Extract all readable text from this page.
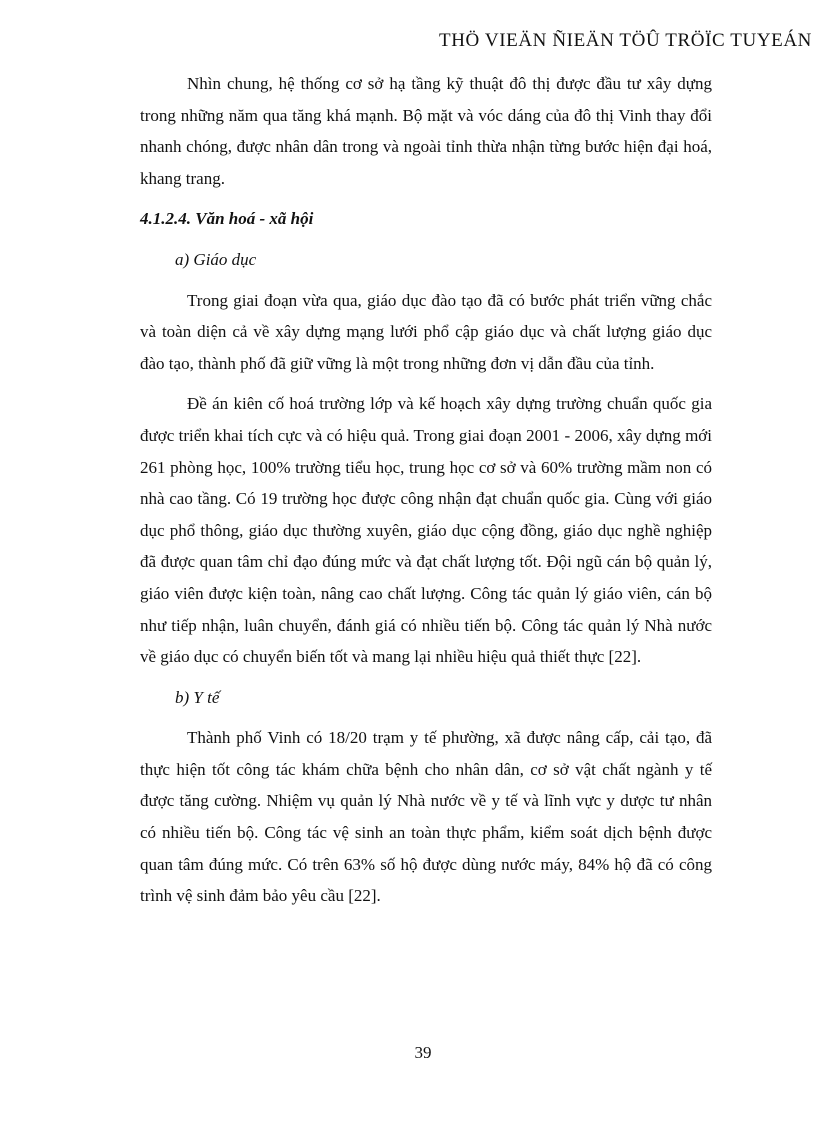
THÖ VIEÄN ÑIEÄN TÖÛ TRÖÏC TUYEÁN

Nhìn chung, hệ thống cơ sở hạ tầng kỹ thuật đô thị được đầu tư xây dựng trong những năm qua tăng khá mạnh. Bộ mặt và vóc dáng của đô thị Vinh thay đổi nhanh chóng, được nhân dân trong và ngoài tỉnh thừa nhận từng bước hiện đại hoá, khang trang.

4.1.2.4. Văn hoá - xã hội

a) Giáo dục

Trong giai đoạn vừa qua, giáo dục đào tạo đã có bước phát triển vững chắc và toàn diện cả về xây dựng mạng lưới phổ cập giáo dục và chất lượng giáo dục đào tạo, thành phố đã giữ vững là một trong những đơn vị dẫn đầu của tỉnh.

Đề án kiên cố hoá trường lớp và kế hoạch xây dựng trường chuẩn quốc gia được triển khai tích cực và có hiệu quả. Trong giai đoạn 2001 - 2006, xây dựng mới 261 phòng học, 100% trường tiểu học, trung học cơ sở và 60% trường mầm non có nhà cao tầng. Có 19 trường học được công nhận đạt chuẩn quốc gia. Cùng với giáo dục phổ thông, giáo dục thường xuyên, giáo dục cộng đồng, giáo dục nghề nghiệp đã được quan tâm chỉ đạo đúng mức và đạt chất lượng tốt. Đội ngũ cán bộ quản lý, giáo viên được kiện toàn, nâng cao chất lượng. Công tác quản lý giáo viên, cán bộ như tiếp nhận, luân chuyển, đánh giá có nhiều tiến bộ. Công tác quản lý Nhà nước về giáo dục có chuyển biến tốt và mang lại nhiều hiệu quả thiết thực [22].

b) Y tế

Thành phố Vinh có 18/20 trạm y tế phường, xã được nâng cấp, cải tạo, đã thực hiện tốt công tác khám chữa bệnh cho nhân dân, cơ sở vật chất ngành y tế được tăng cường. Nhiệm vụ quản lý Nhà nước về y tế và lĩnh vực y dược tư nhân có nhiều tiến bộ. Công tác vệ sinh an toàn thực phẩm, kiểm soát dịch bệnh được quan tâm đúng mức. Có trên 63% số hộ được dùng nước máy, 84% hộ đã có công trình vệ sinh đảm bảo yêu cầu [22].

39
